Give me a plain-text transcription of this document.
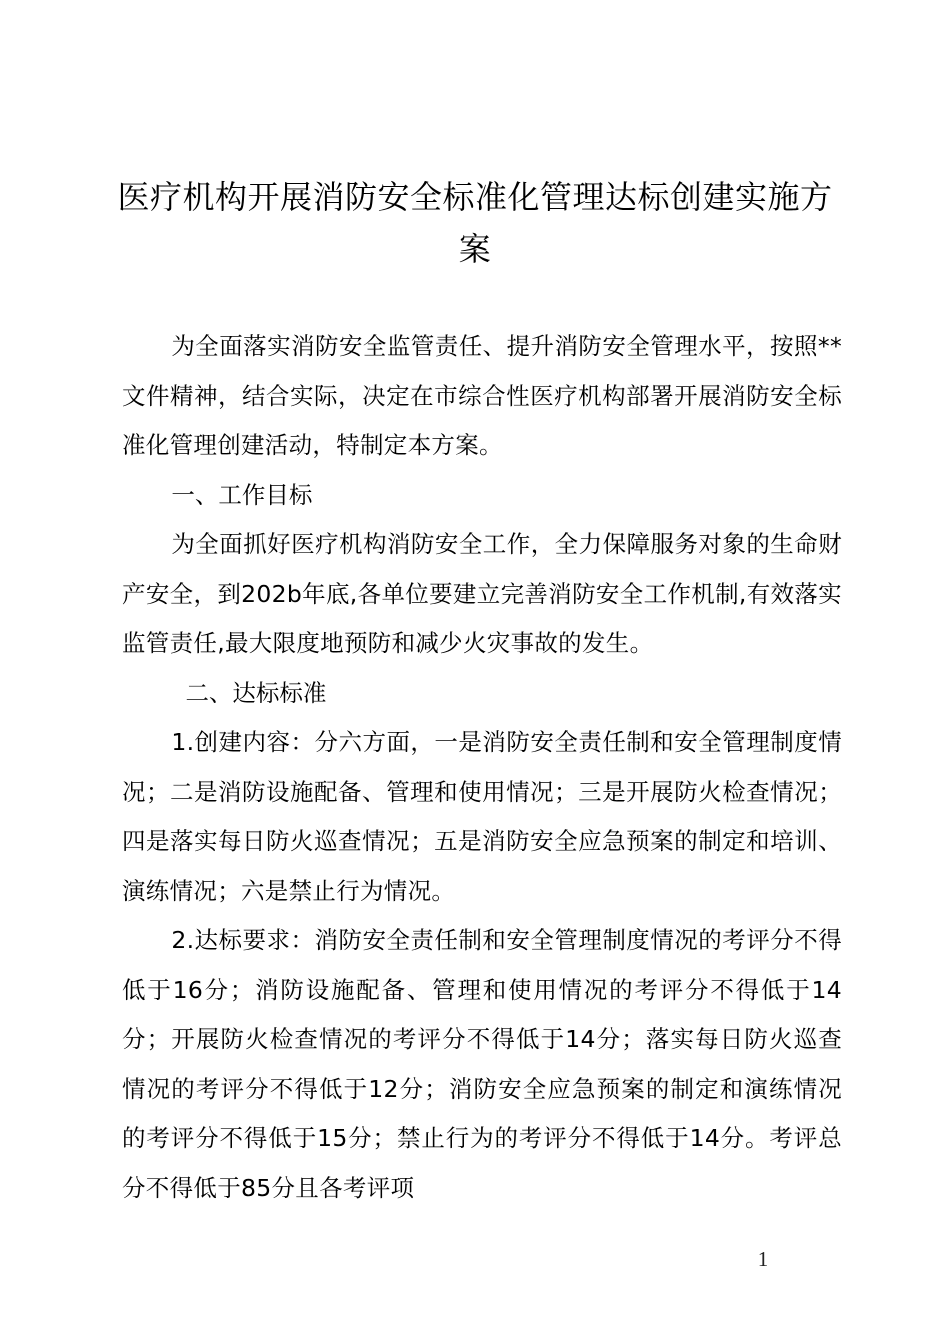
医疗机构开展消防安全标准化管理达标创建实施方案

为全面落实消防安全监管责任、提升消防安全管理水平，按照**文件精神，结合实际，决定在市综合性医疗机构部署开展消防安全标准化管理创建活动，特制定本方案。

一、工作目标

为全面抓好医疗机构消防安全工作，全力保障服务对象的生命财产安全，到202b年底,各单位要建立完善消防安全工作机制,有效落实监管责任,最大限度地预防和减少火灾事故的发生。

二、达标标准

1.创建内容：分六方面，一是消防安全责任制和安全管理制度情况；二是消防设施配备、管理和使用情况；三是开展防火检查情况；四是落实每日防火巡查情况；五是消防安全应急预案的制定和培训、演练情况；六是禁止行为情况。

2.达标要求：消防安全责任制和安全管理制度情况的考评分不得低于16分；消防设施配备、管理和使用情况的考评分不得低于14分；开展防火检查情况的考评分不得低于14分；落实每日防火巡查情况的考评分不得低于12分；消防安全应急预案的制定和演练情况的考评分不得低于15分；禁止行为的考评分不得低于14分。考评总分不得低于85分且各考评项

1
